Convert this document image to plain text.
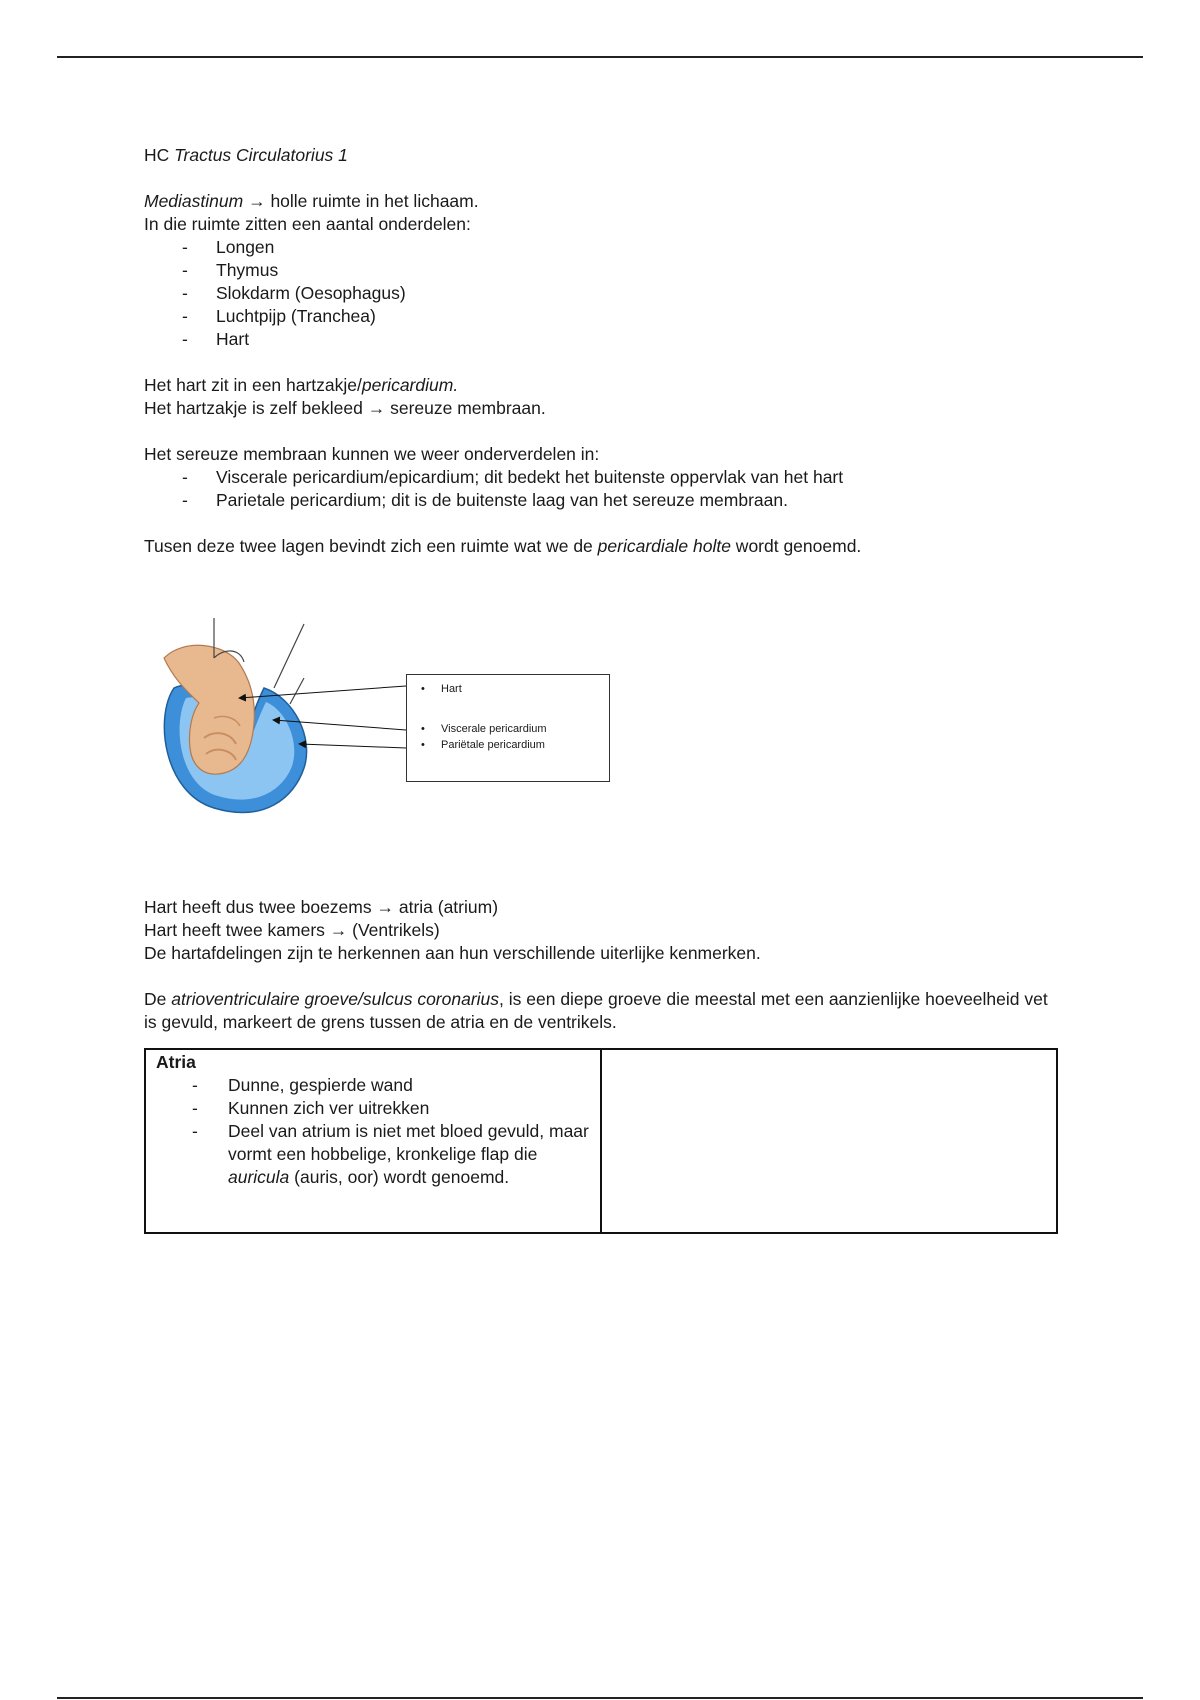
HC Tractus Circulatorius 1

Mediastinum → holle ruimte in het lichaam.

In die ruimte zitten een aantal onderdelen:

- Longen
- Thymus
- Slokdarm (Oesophagus)
- Luchtpijp (Tranchea)
- Hart

Het hart zit in een hartzakje/pericardium.

Het hartzakje is zelf bekleed → sereuze membraan.

Het sereuze membraan kunnen we weer onderverdelen in:

- Viscerale pericardium/epicardium; dit bedekt het buitenste oppervlak van het hart
- Parietale pericardium; dit is de buitenste laag van het sereuze membraan.

Tusen deze twee lagen bevindt zich een ruimte wat we de pericardiale holte wordt genoemd.

• Hart
• Viscerale pericardium
• Pariëtale pericardium

Hart heeft dus twee boezems → atria (atrium)

Hart heeft twee kamers → (Ventrikels)

De hartafdelingen zijn te herkennen aan hun verschillende uiterlijke kenmerken.

De atrioventriculaire groeve/sulcus coronarius, is een diepe groeve die meestal met een aanzienlijke hoeveelheid vet is gevuld, markeert de grens tussen de atria en de ventrikels.

Atria
- Dunne, gespierde wand
- Kunnen zich ver uitrekken
- Deel van atrium is niet met bloed gevuld, maar vormt een hobbelige, kronkelige flap die auricula (auris, oor) wordt genoemd.
